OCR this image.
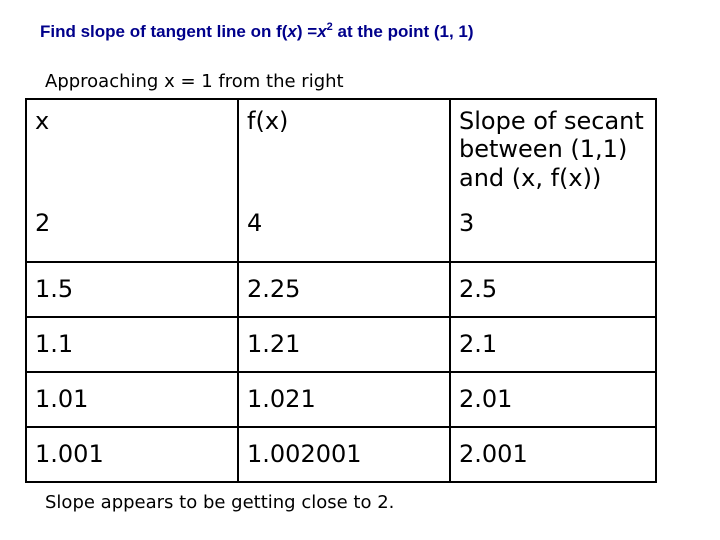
Find slope of tangent line on $f(x) =x^2$ at the point (1, 1)
Approaching x = 1 from the right
x	f(x)	Slope of secant between (1,1) and (x, f(x))
2	4	3
1.5	2.25	2.5
1.1	1.21	2.1
1.01	1.021	2.01
1.001	1.002001	2.001
Slope appears to be getting close to 2.
